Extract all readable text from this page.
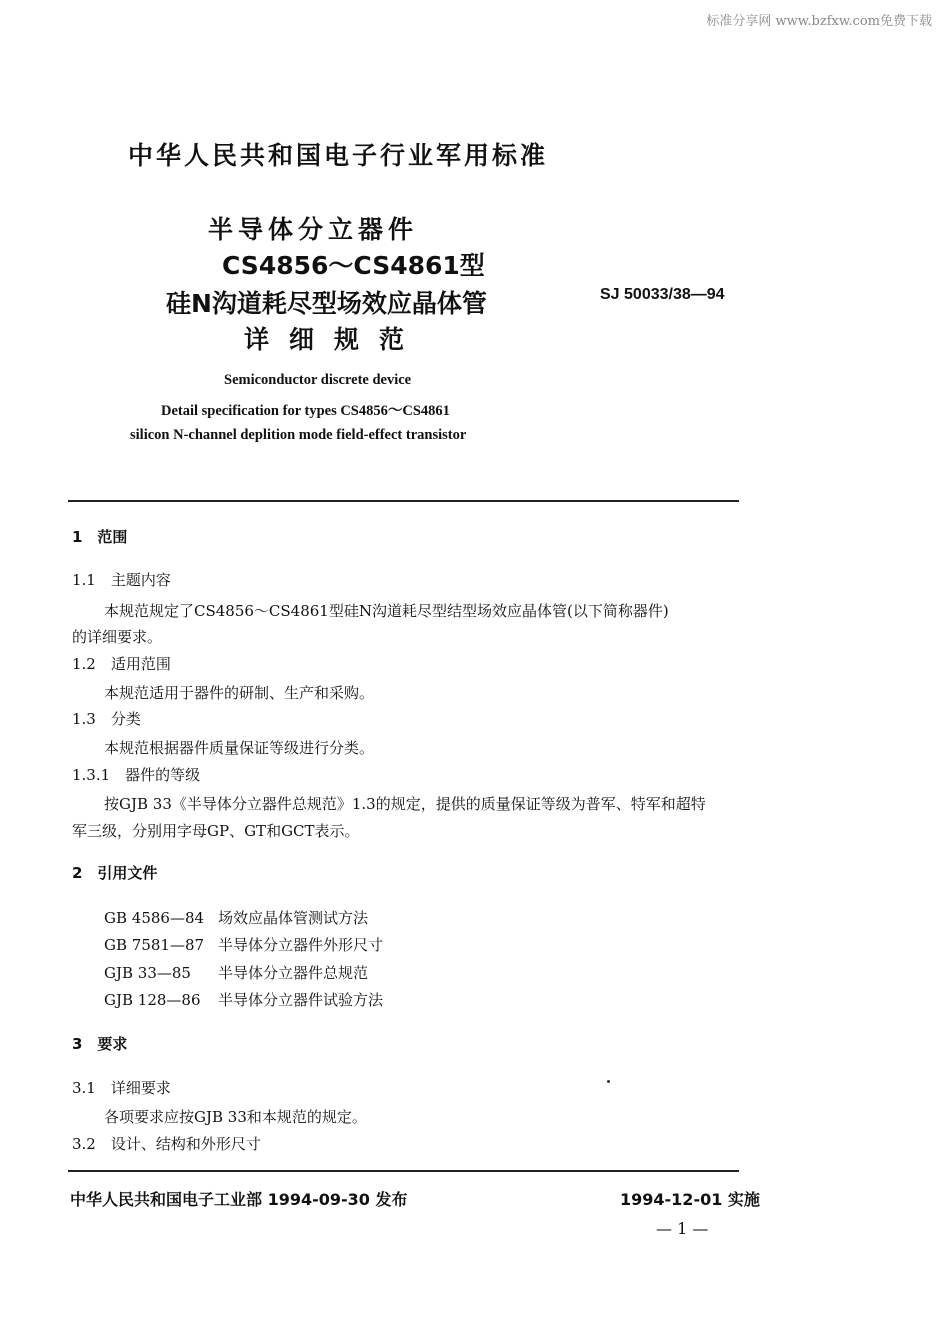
标准分享网 www.bzfxw.com免费下载
中华人民共和国电子行业军用标准
半导体分立器件
CS4856～CS4861型
硅N沟道耗尽型场效应晶体管
详细规范
SJ 50033/38—94
Semiconductor discrete device
Detail specification for types CS4856～CS4861
silicon N-channel deplition mode field-effect transistor
1　范围
1.1　主题内容
本规范规定了CS4856～CS4861型硅N沟道耗尽型结型场效应晶体管(以下简称器件)
的详细要求。
1.2　适用范围
本规范适用于器件的研制、生产和采购。
1.3　分类
本规范根据器件质量保证等级进行分类。
1.3.1　器件的等级
按GJB 33《半导体分立器件总规范》1.3的规定，提供的质量保证等级为普军、特军和超特
军三级，分别用字母GP、GT和GCT表示。
2　引用文件
GB 4586—84 场效应晶体管测试方法
GB 7581—87 半导体分立器件外形尺寸
GJB 33—85 半导体分立器件总规范
GJB 128—86 半导体分立器件试验方法
3　要求
3.1　详细要求
各项要求应按GJB 33和本规范的规定。
3.2　设计、结构和外形尺寸
中华人民共和国电子工业部 1994-09-30 发布	1994-12-01 实施
— 1 —
